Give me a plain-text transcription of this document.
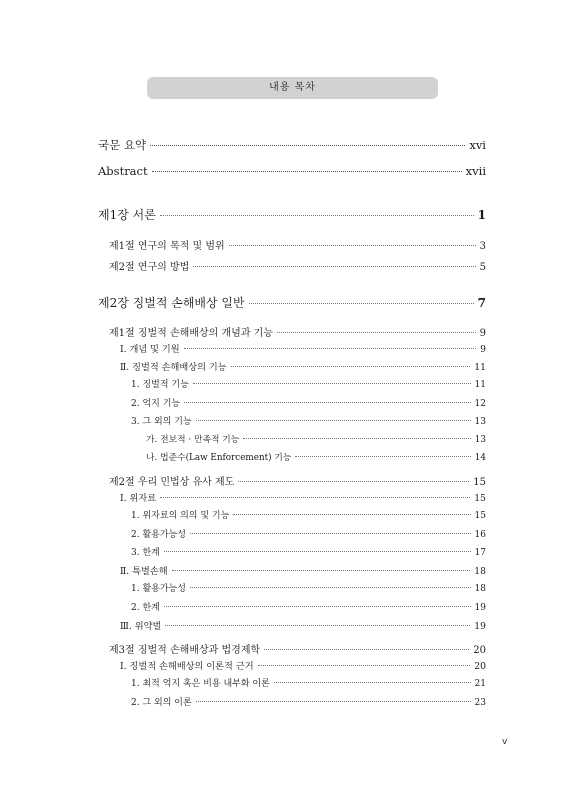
내용 목차
국문 요약	xvi
Abstract	xvii
제1장 서론	1
제1절 연구의 목적 및 범위	3
제2절 연구의 방법	5
제2장 징벌적 손해배상 일반	7
제1절 징벌적 손해배상의 개념과 기능	9
Ⅰ. 개념 및 기원	9
Ⅱ. 징벌적 손해배상의 기능	11
1. 징벌적 기능	11
2. 억지 기능	12
3. 그 외의 기능	13
가. 전보적 · 만족적 기능	13
나. 법준수(Law Enforcement) 기능	14
제2절 우리 민법상 유사 제도	15
Ⅰ. 위자료	15
1. 위자료의 의의 및 기능	15
2. 활용가능성	16
3. 한계	17
Ⅱ. 특별손해	18
1. 활용가능성	18
2. 한계	19
Ⅲ. 위약벌	19
제3절 징벌적 손해배상과 법경제학	20
Ⅰ. 징벌적 손해배상의 이론적 근거	20
1. 최적 억지 혹은 비용 내부화 이론	21
2. 그 외의 이론	23
v
